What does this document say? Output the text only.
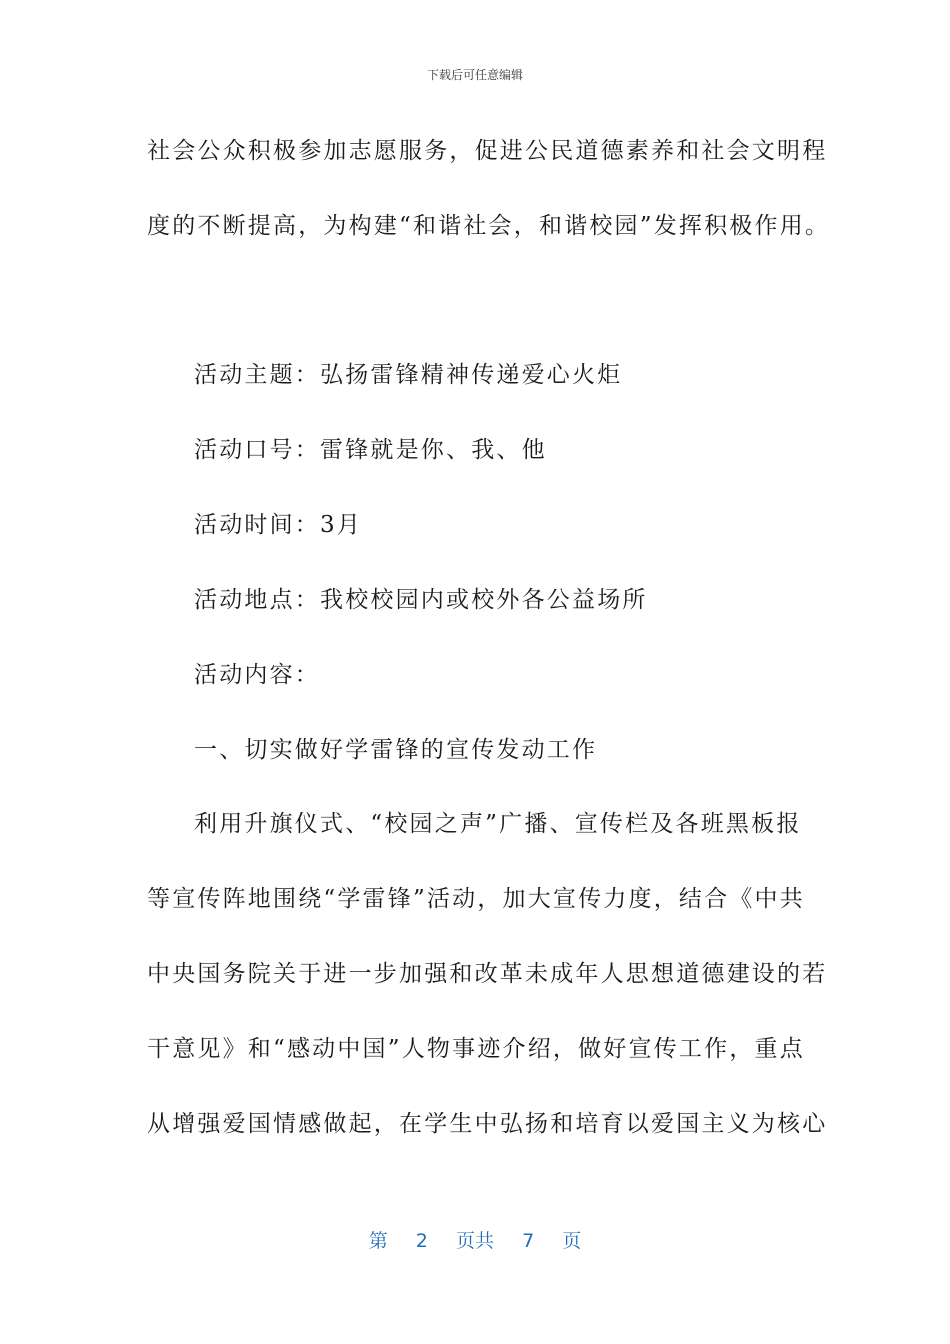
下载后可任意编辑
社会公众积极参加志愿服务，促进公民道德素养和社会文明程
度的不断提高，为构建“和谐社会，和谐校园”发挥积极作用。
活动主题：弘扬雷锋精神传递爱心火炬
活动口号：雷锋就是你、我、他
活动时间：3月
活动地点：我校校园内或校外各公益场所
活动内容：
一、切实做好学雷锋的宣传发动工作
利用升旗仪式、“校园之声”广播、宣传栏及各班黑板报
等宣传阵地围绕“学雷锋”活动，加大宣传力度，结合《中共
中央国务院关于进一步加强和改革未成年人思想道德建设的若
干意见》和“感动中国”人物事迹介绍，做好宣传工作，重点
从增强爱国情感做起，在学生中弘扬和培育以爱国主义为核心
第 2 页共 7 页
